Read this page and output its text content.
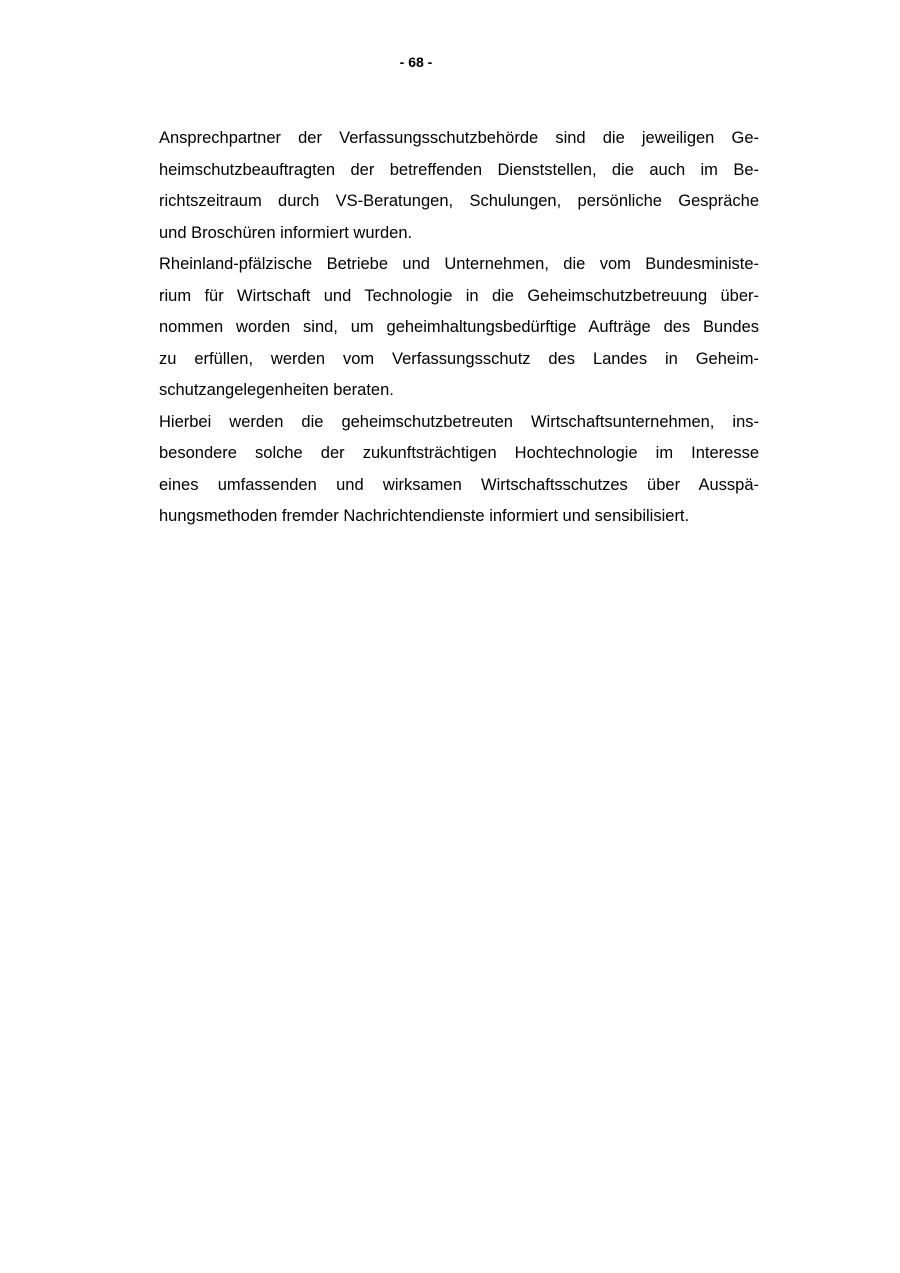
- 68 -
Ansprechpartner der Verfassungsschutzbehörde sind die jeweiligen Ge-
heimschutzbeauftragten der betreffenden Dienststellen, die auch im Be-
richtszeitraum durch VS-Beratungen, Schulungen, persönliche Gespräche
und Broschüren informiert wurden.
Rheinland-pfälzische Betriebe und Unternehmen, die vom Bundesministe-
rium für Wirtschaft und Technologie in die Geheimschutzbetreuung über-
nommen worden sind, um geheimhaltungsbedürftige Aufträge des Bundes
zu erfüllen, werden vom Verfassungsschutz des Landes in Geheim-
schutzangelegenheiten beraten.
Hierbei werden die geheimschutzbetreuten Wirtschaftsunternehmen, ins-
besondere solche der zukunftsträchtigen Hochtechnologie im Interesse
eines umfassenden und wirksamen Wirtschaftsschutzes über Ausspä-
hungsmethoden fremder Nachrichtendienste informiert und sensibilisiert.
